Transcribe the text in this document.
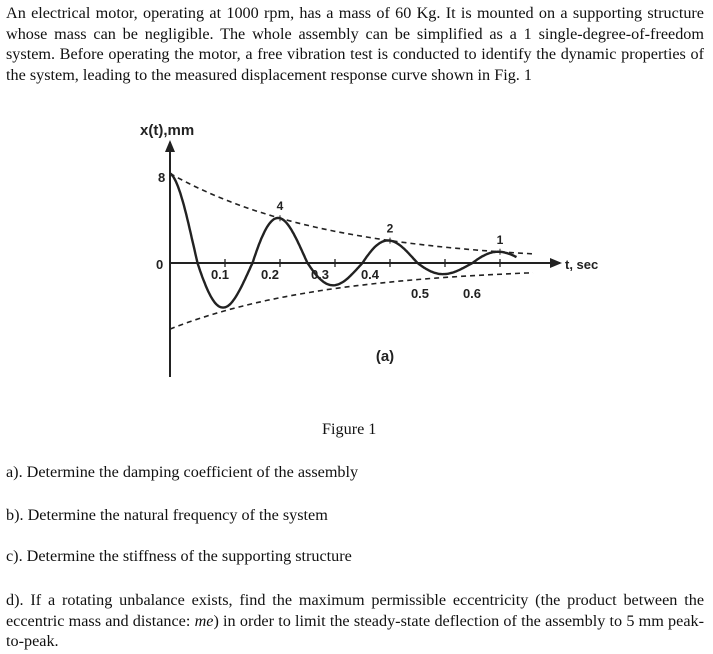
An electrical motor, operating at 1000 rpm, has a mass of 60 Kg. It is mounted on a supporting structure whose mass can be negligible. The whole assembly can be simplified as a 1 single-degree-of-freedom system. Before operating the motor, a free vibration test is conducted to identify the dynamic properties of the system, leading to the measured displacement response curve shown in Fig. 1
x(t),mm
t, sec
8
0
0.1 0.2 0.3 0.4
0.5	0.6
4
2
1
(a)
Figure 1
a). Determine the damping coefficient of the assembly
b). Determine the natural frequency of the system
c). Determine the stiffness of the supporting structure
d). If a rotating unbalance exists, find the maximum permissible eccentricity (the product between the eccentric mass and distance: me) in order to limit the steady-state deflection of the assembly to 5 mm peak-to-peak.
